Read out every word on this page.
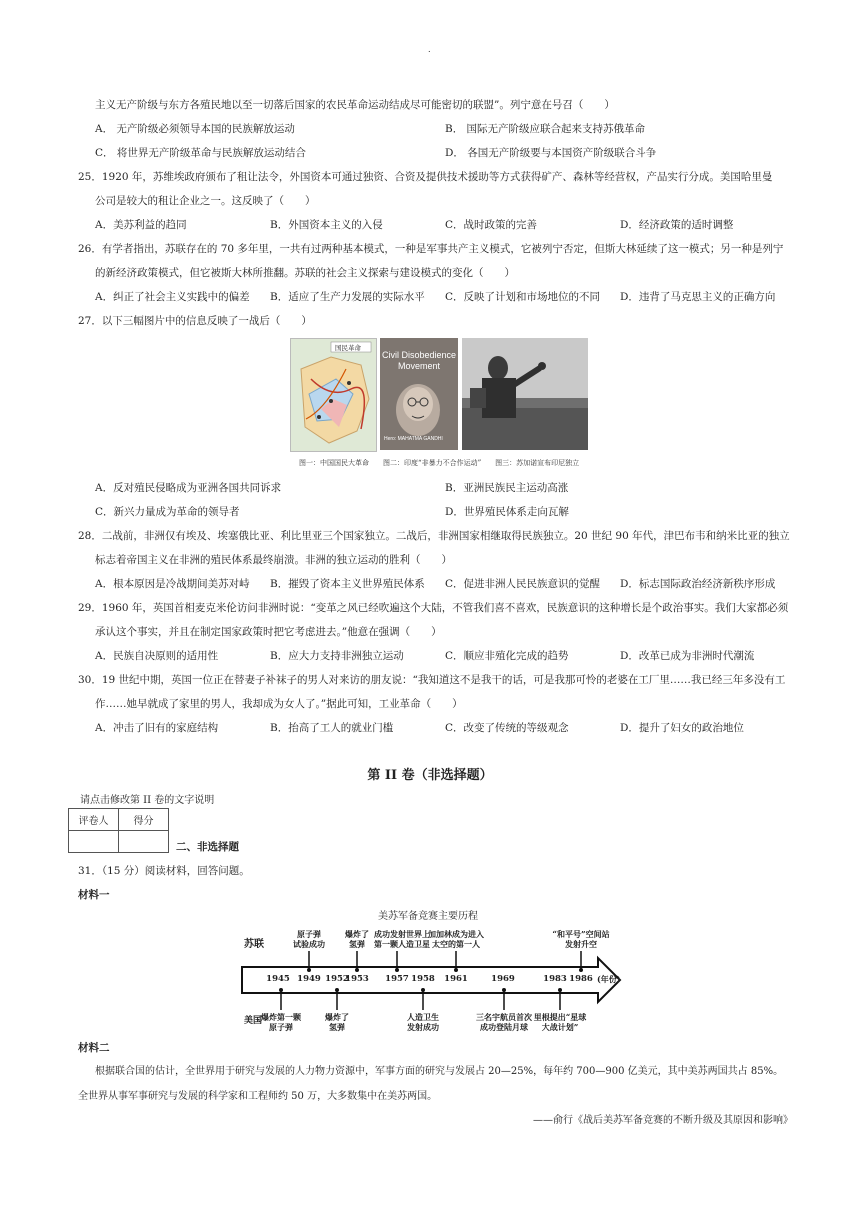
.
主义无产阶级与东方各殖民地以至一切落后国家的农民革命运动结成尽可能密切的联盟”。列宁意在号召（　　）
A． 无产阶级必须领导本国的民族解放运动	B． 国际无产阶级应联合起来支持苏俄革命
C． 将世界无产阶级革命与民族解放运动结合	D． 各国无产阶级要与本国资产阶级联合斗争
25．1920 年，苏维埃政府颁布了租让法令，外国资本可通过独资、合资及提供技术援助等方式获得矿产、森林等经营权，产品实行分成。美国哈里曼
公司是较大的租让企业之一。这反映了（　　）
A．美苏利益的趋同	B．外国资本主义的入侵	C．战时政策的完善	D．经济政策的适时调整
26．有学者指出，苏联存在的 70 多年里，一共有过两种基本模式，一种是军事共产主义模式，它被列宁否定，但斯大林延续了这一模式；另一种是列宁
的新经济政策模式，但它被斯大林所推翻。苏联的社会主义探索与建设模式的变化（　　）
A．纠正了社会主义实践中的偏差 B．适应了生产力发展的实际水平 C．反映了计划和市场地位的不同 D．违背了马克思主义的正确方向
27．以下三幅图片中的信息反映了一战后（　　）
国民革命
Civil Disobedience Movement
Hero: MAHATMA GANDHI
图一：中国国民大革命　　图二：印度“非暴力不合作运动”　　图三：苏加诺宣布印尼独立
A．反对殖民侵略成为亚洲各国共同诉求	B．亚洲民族民主运动高涨
C．新兴力量成为革命的领导者	D．世界殖民体系走向瓦解
28．二战前，非洲仅有埃及、埃塞俄比亚、利比里亚三个国家独立。二战后，非洲国家相继取得民族独立。20 世纪 90 年代，津巴布韦和纳米比亚的独立
标志着帝国主义在非洲的殖民体系最终崩溃。非洲的独立运动的胜利（　　）
A．根本原因是冷战期间美苏对峙 B．摧毁了资本主义世界殖民体系 C．促进非洲人民民族意识的觉醒 D．标志国际政治经济新秩序形成
29．1960 年，英国首相麦克米伦访问非洲时说：“变革之风已经吹遍这个大陆，不管我们喜不喜欢，民族意识的这种增长是个政治事实。我们大家都必须
承认这个事实，并且在制定国家政策时把它考虑进去。”他意在强调（　　）
A．民族自决原则的适用性	B．应大力支持非洲独立运动	C．顺应非殖化完成的趋势	D．改革已成为非洲时代潮流
30．19 世纪中期，英国一位正在替妻子补袜子的男人对来访的朋友说：“我知道这不是我干的话，可是我那可怜的老婆在工厂里……我已经三年多没有工
作……她早就成了家里的男人，我却成为女人了。”据此可知，工业革命（　　）
A．冲击了旧有的家庭结构	B．抬高了工人的就业门槛	C．改变了传统的等级观念	D．提升了妇女的政治地位
第 II 卷（非选择题）
请点击修改第 II 卷的文字说明
评卷人	得分

二、非选择题
31．（15 分）阅读材料，回答问题。
材料一
美苏军备竞赛主要历程
苏联
美国
1945 1949 1952
1953 1957 1958 1961	1969	1983 1986 (年份)
原子弹
试验成功
爆炸了
氢弹
成功发射世界上
第一颗人造卫星
加加林成为进入
太空的第一人
“和平号”空间站
发射升空
爆炸第一颗
原子弹
爆炸了
氢弹
人造卫生
发射成功
三名宇航员首次
成功登陆月球
里根提出“星球
大战计划”
材料二
根据联合国的估计，全世界用于研究与发展的人力物力资源中，军事方面的研究与发展占 20—25%，每年约 700—900 亿美元，其中美苏两国共占 85%。
全世界从事军事研究与发展的科学家和工程师约 50 万，大多数集中在美苏两国。
——俞行《战后美苏军备竞赛的不断升级及其原因和影响》
